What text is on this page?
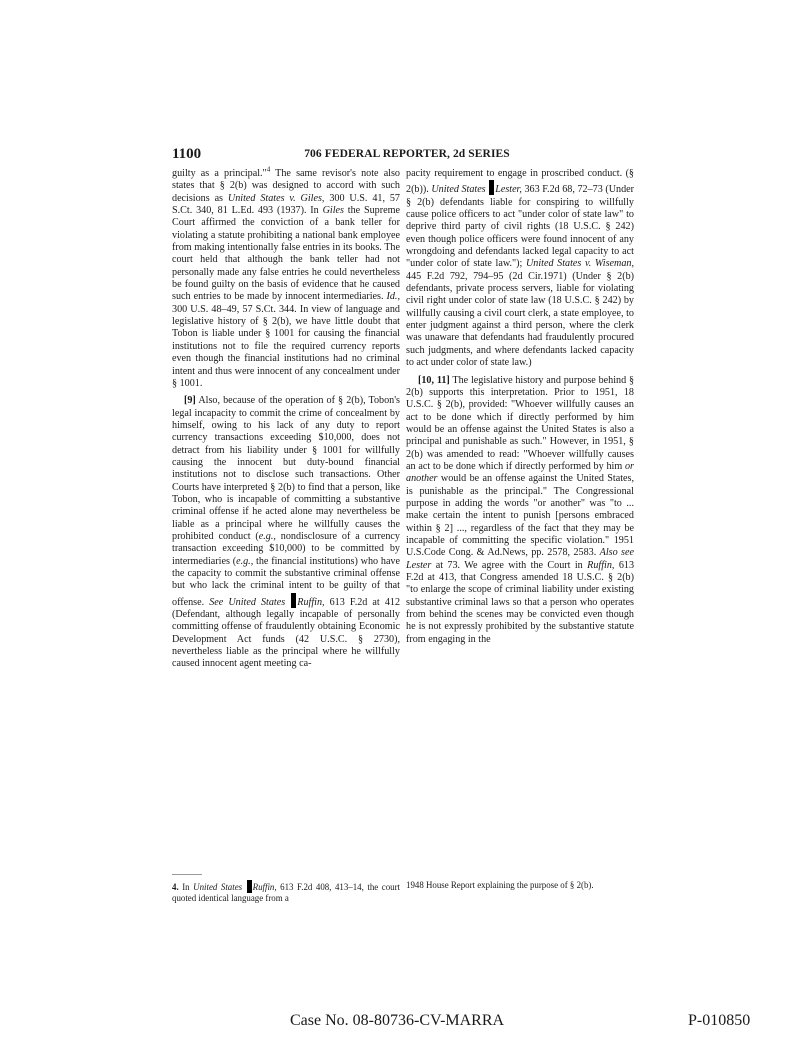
1100	706 FEDERAL REPORTER, 2d SERIES

guilty as a principal."$^4$ The same revisor's note also states that § 2(b) was designed to accord with such decisions as United States v. Giles, 300 U.S. 41, 57 S.Ct. 340, 81 L.Ed. 493 (1937). In Giles the Supreme Court affirmed the conviction of a bank teller for violating a statute prohibiting a national bank employee from making intentionally false entries in its books. The court held that although the bank teller had not personally made any false entries he could nevertheless be found guilty on the basis of evidence that he caused such entries to be made by innocent intermediaries. Id., 300 U.S. 48–49, 57 S.Ct. 344. In view of language and legislative history of § 2(b), we have little doubt that Tobon is liable under § 1001 for causing the financial institutions not to file the required currency reports even though the financial institutions had no criminal intent and thus were innocent of any concealment under § 1001.

[9] Also, because of the operation of § 2(b), Tobon's legal incapacity to commit the crime of concealment by himself, owing to his lack of any duty to report currency transactions exceeding $10,000, does not detract from his liability under § 1001 for willfully causing the innocent but duty-bound financial institutions not to disclose such transactions. Other Courts have interpreted § 2(b) to find that a person, like Tobon, who is incapable of committing a substantive criminal offense if he acted alone may nevertheless be liable as a principal where he willfully causes the prohibited conduct (e.g., nondisclosure of a currency transaction exceeding $10,000) to be committed by intermediaries (e.g., the financial institutions) who have the capacity to commit the substantive criminal offense but who lack the criminal intent to be guilty of that offense. See United States Ruffin, 613 F.2d at 412 (Defendant, although legally incapable of personally committing offense of fraudulently obtaining Economic Development Act funds (42 U.S.C. § 2730), nevertheless liable as the principal where he willfully caused innocent agent meeting ca-

pacity requirement to engage in proscribed conduct. (§ 2(b)). United States Lester, 363 F.2d 68, 72–73 (Under § 2(b) defendants liable for conspiring to willfully cause police officers to act "under color of state law" to deprive third party of civil rights (18 U.S.C. § 242) even though police officers were found innocent of any wrongdoing and defendants lacked legal capacity to act "under color of state law."); United States v. Wiseman, 445 F.2d 792, 794–95 (2d Cir.1971) (Under § 2(b) defendants, private process servers, liable for violating civil right under color of state law (18 U.S.C. § 242) by willfully causing a civil court clerk, a state employee, to enter judgment against a third person, where the clerk was unaware that defendants had fraudulently procured such judgments, and where defendants lacked capacity to act under color of state law.)

[10, 11] The legislative history and purpose behind § 2(b) supports this interpretation. Prior to 1951, 18 U.S.C. § 2(b), provided: "Whoever willfully causes an act to be done which if directly performed by him would be an offense against the United States is also a principal and punishable as such." However, in 1951, § 2(b) was amended to read: "Whoever willfully causes an act to be done which if directly performed by him or another would be an offense against the United States, is punishable as the principal." The Congressional purpose in adding the words "or another" was "to ... make certain the intent to punish [persons embraced within § 2] ..., regardless of the fact that they may be incapable of committing the specific violation." 1951 U.S.Code Cong. & Ad.News, pp. 2578, 2583. Also see Lester at 73. We agree with the Court in Ruffin, 613 F.2d at 413, that Congress amended 18 U.S.C. § 2(b) "to enlarge the scope of criminal liability under existing substantive criminal laws so that a person who operates from behind the scenes may be convicted even though he is not expressly prohibited by the substantive statute from engaging in the

4. In United States Ruffin, 613 F.2d 408, 413–14, the court quoted identical language from a

1948 House Report explaining the purpose of § 2(b).

Case No. 08-80736-CV-MARRA	P-010850
